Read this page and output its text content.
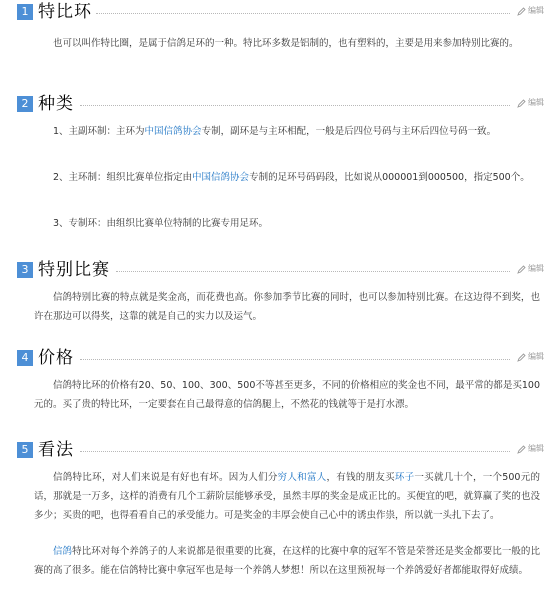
1 特比环	编辑

也可以叫作特比圈，是属于信鸽足环的一种。特比环多数是铝制的，也有塑料的，主要是用来参加特别比赛的。

2 种类	编辑

1、主副环制：主环为中国信鸽协会专制，副环是与主环相配，一般是后四位号码与主环后四位号码一致。

2、主环制：组织比赛单位指定由中国信鸽协会专制的足环号码码段，比如说从000001到000500，指定500个。

3、专制环：由组织比赛单位特制的比赛专用足环。

3 特别比赛	编辑

信鸽特别比赛的特点就是奖金高，而花费也高。你参加季节比赛的同时，也可以参加特别比赛。在这边得不到奖，也许在那边可以得奖，这靠的就是自己的实力以及运气。

4 价格	编辑

信鸽特比环的价格有20、50、100、300、500不等甚至更多，不同的价格相应的奖金也不同，最平常的都是买100元的。买了贵的特比环，一定要套在自己最得意的信鸽腿上，不然花的钱就等于是打水漂。

5 看法	编辑

信鸽特比环，对人们来说是有好也有坏。因为人们分穷人和富人，有钱的朋友买环子一买就几十个，一个500元的话，那就是一万多，这样的消费有几个工薪阶层能够承受，虽然丰厚的奖金是成正比的。买便宜的吧，就算赢了奖的也没多少；买贵的吧，也得看看自己的承受能力。可是奖金的丰厚会使自己心中的诱虫作祟，所以就一头扎下去了。

信鸽特比环对每个养鸽子的人来说都是很重要的比赛，在这样的比赛中拿的冠军不管是荣誉还是奖金都要比一般的比赛的高了很多。能在信鸽特比赛中拿冠军也是每一个养鸽人梦想！所以在这里预祝每一个养鸽爱好者都能取得好成绩。
